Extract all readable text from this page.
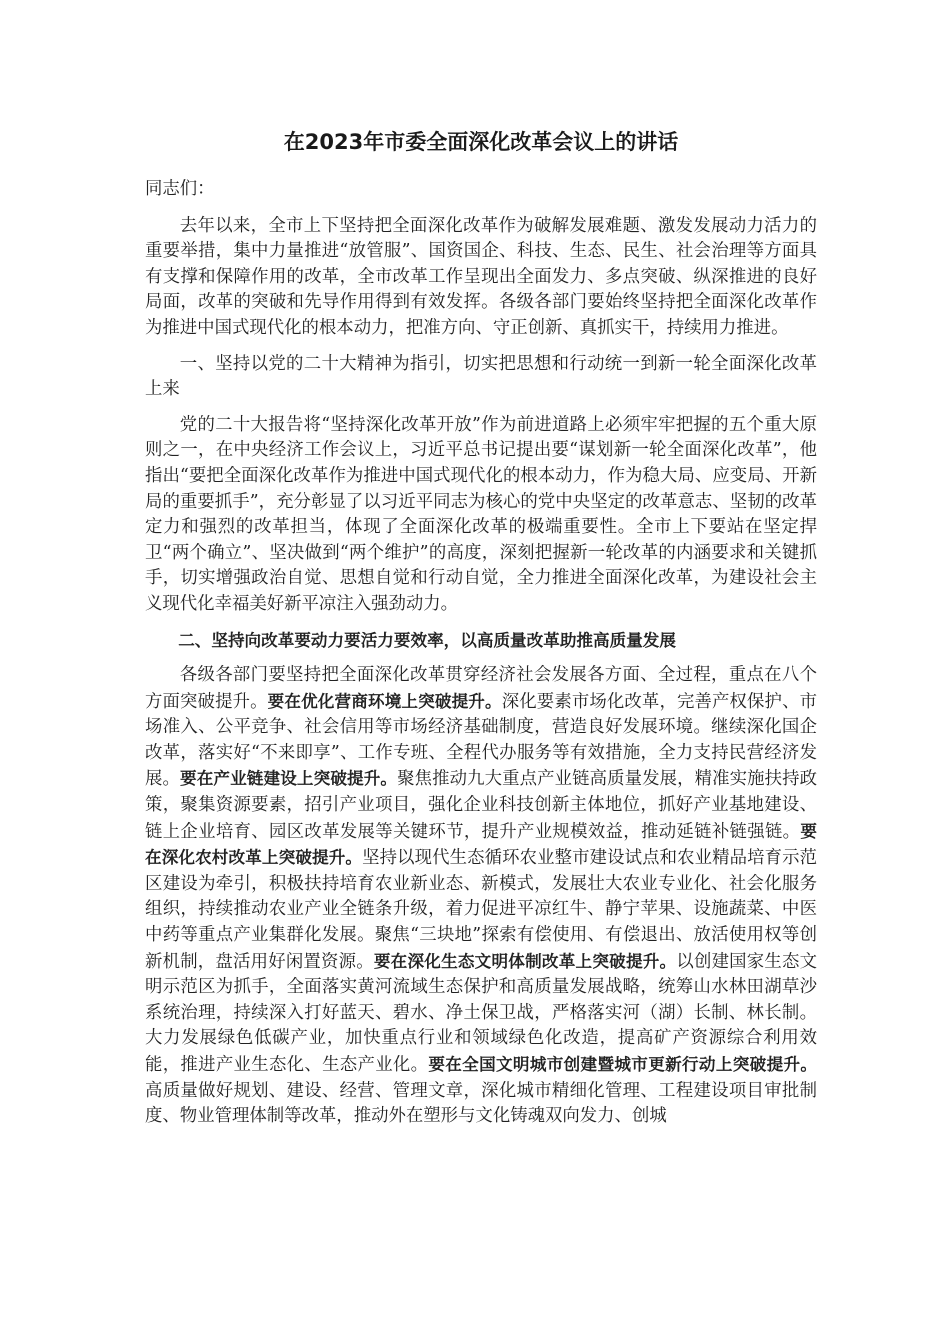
在2023年市委全面深化改革会议上的讲话
同志们：

去年以来，全市上下坚持把全面深化改革作为破解发展难题、激发发展动力活力的重要举措，集中力量推进“放管服”、国资国企、科技、生态、民生、社会治理等方面具有支撑和保障作用的改革，全市改革工作呈现出全面发力、多点突破、纵深推进的良好局面，改革的突破和先导作用得到有效发挥。各级各部门要始终坚持把全面深化改革作为推进中国式现代化的根本动力，把准方向、守正创新、真抓实干，持续用力推进。

一、坚持以党的二十大精神为指引，切实把思想和行动统一到新一轮全面深化改革上来

党的二十大报告将“坚持深化改革开放”作为前进道路上必须牢牢把握的五个重大原则之一，在中央经济工作会议上，习近平总书记提出要“谋划新一轮全面深化改革”，他指出“要把全面深化改革作为推进中国式现代化的根本动力，作为稳大局、应变局、开新局的重要抓手”，充分彰显了以习近平同志为核心的党中央坚定的改革意志、坚韧的改革定力和强烈的改革担当，体现了全面深化改革的极端重要性。全市上下要站在坚定捍卫“两个确立”、坚决做到“两个维护”的高度，深刻把握新一轮改革的内涵要求和关键抓手，切实增强政治自觉、思想自觉和行动自觉，全力推进全面深化改革，为建设社会主义现代化幸福美好新平凉注入强劲动力。

二、坚持向改革要动力要活力要效率，以高质量改革助推高质量发展

各级各部门要坚持把全面深化改革贯穿经济社会发展各方面、全过程，重点在八个方面突破提升。要在优化营商环境上突破提升。深化要素市场化改革，完善产权保护、市场准入、公平竞争、社会信用等市场经济基础制度，营造良好发展环境。继续深化国企改革，落实好“不来即享”、工作专班、全程代办服务等有效措施，全力支持民营经济发展。要在产业链建设上突破提升。聚焦推动九大重点产业链高质量发展，精准实施扶持政策，聚集资源要素，招引产业项目，强化企业科技创新主体地位，抓好产业基地建设、链上企业培育、园区改革发展等关键环节，提升产业规模效益，推动延链补链强链。要在深化农村改革上突破提升。坚持以现代生态循环农业整市建设试点和农业精品培育示范区建设为牵引，积极扶持培育农业新业态、新模式，发展壮大农业专业化、社会化服务组织，持续推动农业产业全链条升级，着力促进平凉红牛、静宁苹果、设施蔬菜、中医中药等重点产业集群化发展。聚焦“三块地”探索有偿使用、有偿退出、放活使用权等创新机制，盘活用好闲置资源。要在深化生态文明体制改革上突破提升。以创建国家生态文明示范区为抓手，全面落实黄河流域生态保护和高质量发展战略，统筹山水林田湖草沙系统治理，持续深入打好蓝天、碧水、净土保卫战，严格落实河（湖）长制、林长制。大力发展绿色低碳产业，加快重点行业和领域绿色化改造，提高矿产资源综合利用效能，推进产业生态化、生态产业化。要在全国文明城市创建暨城市更新行动上突破提升。高质量做好规划、建设、经营、管理文章，深化城市精细化管理、工程建设项目审批制度、物业管理体制等改革，推动外在塑形与文化铸魂双向发力、创城
